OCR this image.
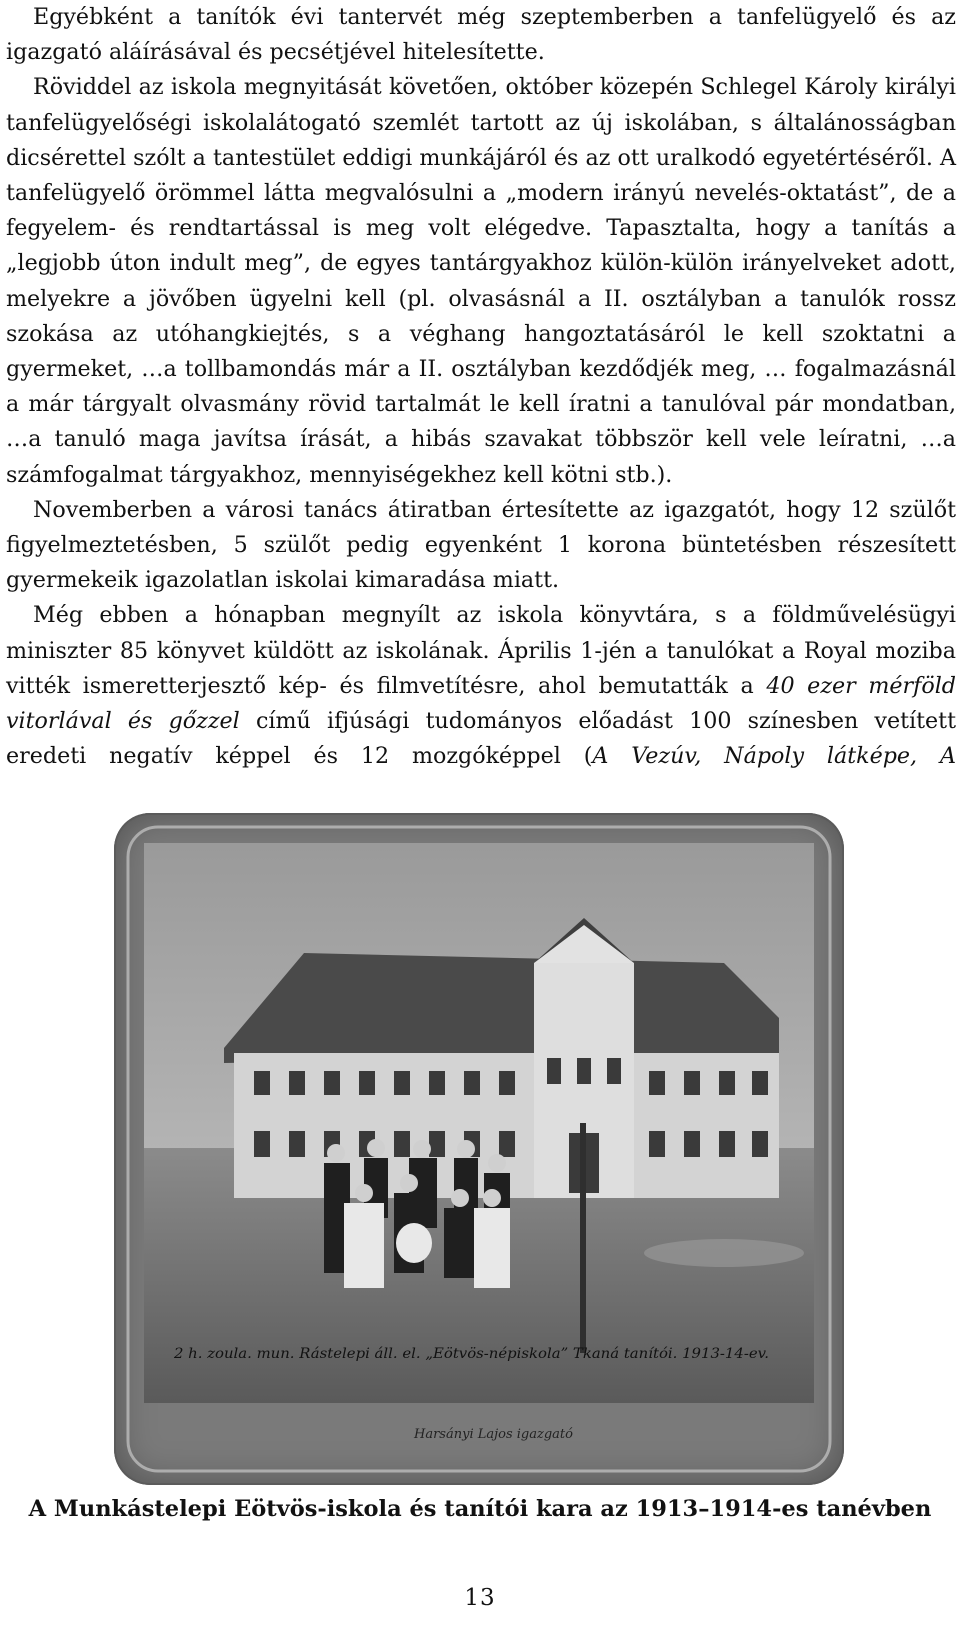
Egyébként a tanítók évi tantervét még szeptemberben a tanfelügyelő és az igazgató aláírásával és pecsétjével hitelesítette.

Röviddel az iskola megnyitását követően, október közepén Schlegel Károly királyi tanfelügyelőségi iskolalátogató szemlét tartott az új iskolában, s általánosságban dicsérettel szólt a tantestület eddigi munkájáról és az ott uralkodó egyetértéséről. A tanfelügyelő örömmel látta megvalósulni a „modern irányú nevelés-oktatást”, de a fegyelem- és rendtartással is meg volt elégedve. Tapasztalta, hogy a tanítás a „legjobb úton indult meg”, de egyes tantárgyakhoz külön-külön irányelveket adott, melyekre a jövőben ügyelni kell (pl. olvasásnál a II. osztályban a tanulók rossz szokása az utóhangkiejtés, s a véghang hangoztatásáról le kell szoktatni a gyermeket, …a tollbamondás már a II. osztályban kezdődjék meg, … fogalmazásnál a már tárgyalt olvasmány rövid tartalmát le kell íratni a tanulóval pár mondatban, …a tanuló maga javítsa írását, a hibás szavakat többször kell vele leíratni, …a számfogalmat tárgyakhoz, mennyiségekhez kell kötni stb.).

Novemberben a városi tanács átiratban értesítette az igazgatót, hogy 12 szülőt figyelmeztetésben, 5 szülőt pedig egyenként 1 korona büntetésben részesített gyermekeik igazolatlan iskolai kimaradása miatt.

Még ebben a hónapban megnyílt az iskola könyvtára, s a földművelésügyi miniszter 85 könyvet küldött az iskolának. Április 1-jén a tanulókat a Royal moziba vitték ismeretterjesztő kép- és filmvetítésre, ahol bemutatták a 40 ezer mérföld vitorlával és gőzzel című ifjúsági tudományos előadást 100 színesben vetített eredeti negatív képpel és 12 mozgóképpel (A Vezúv, Nápoly látképe, A

2 h. zoula. mun. Rástelepi áll. el. „Eötvös-népiskola” Tkaná tanítói. 1913-14-ev.
Harsányi Lajos igazgató
A Munkástelepi Eötvös-iskola és tanítói kara az 1913–1914-es tanévben
13
